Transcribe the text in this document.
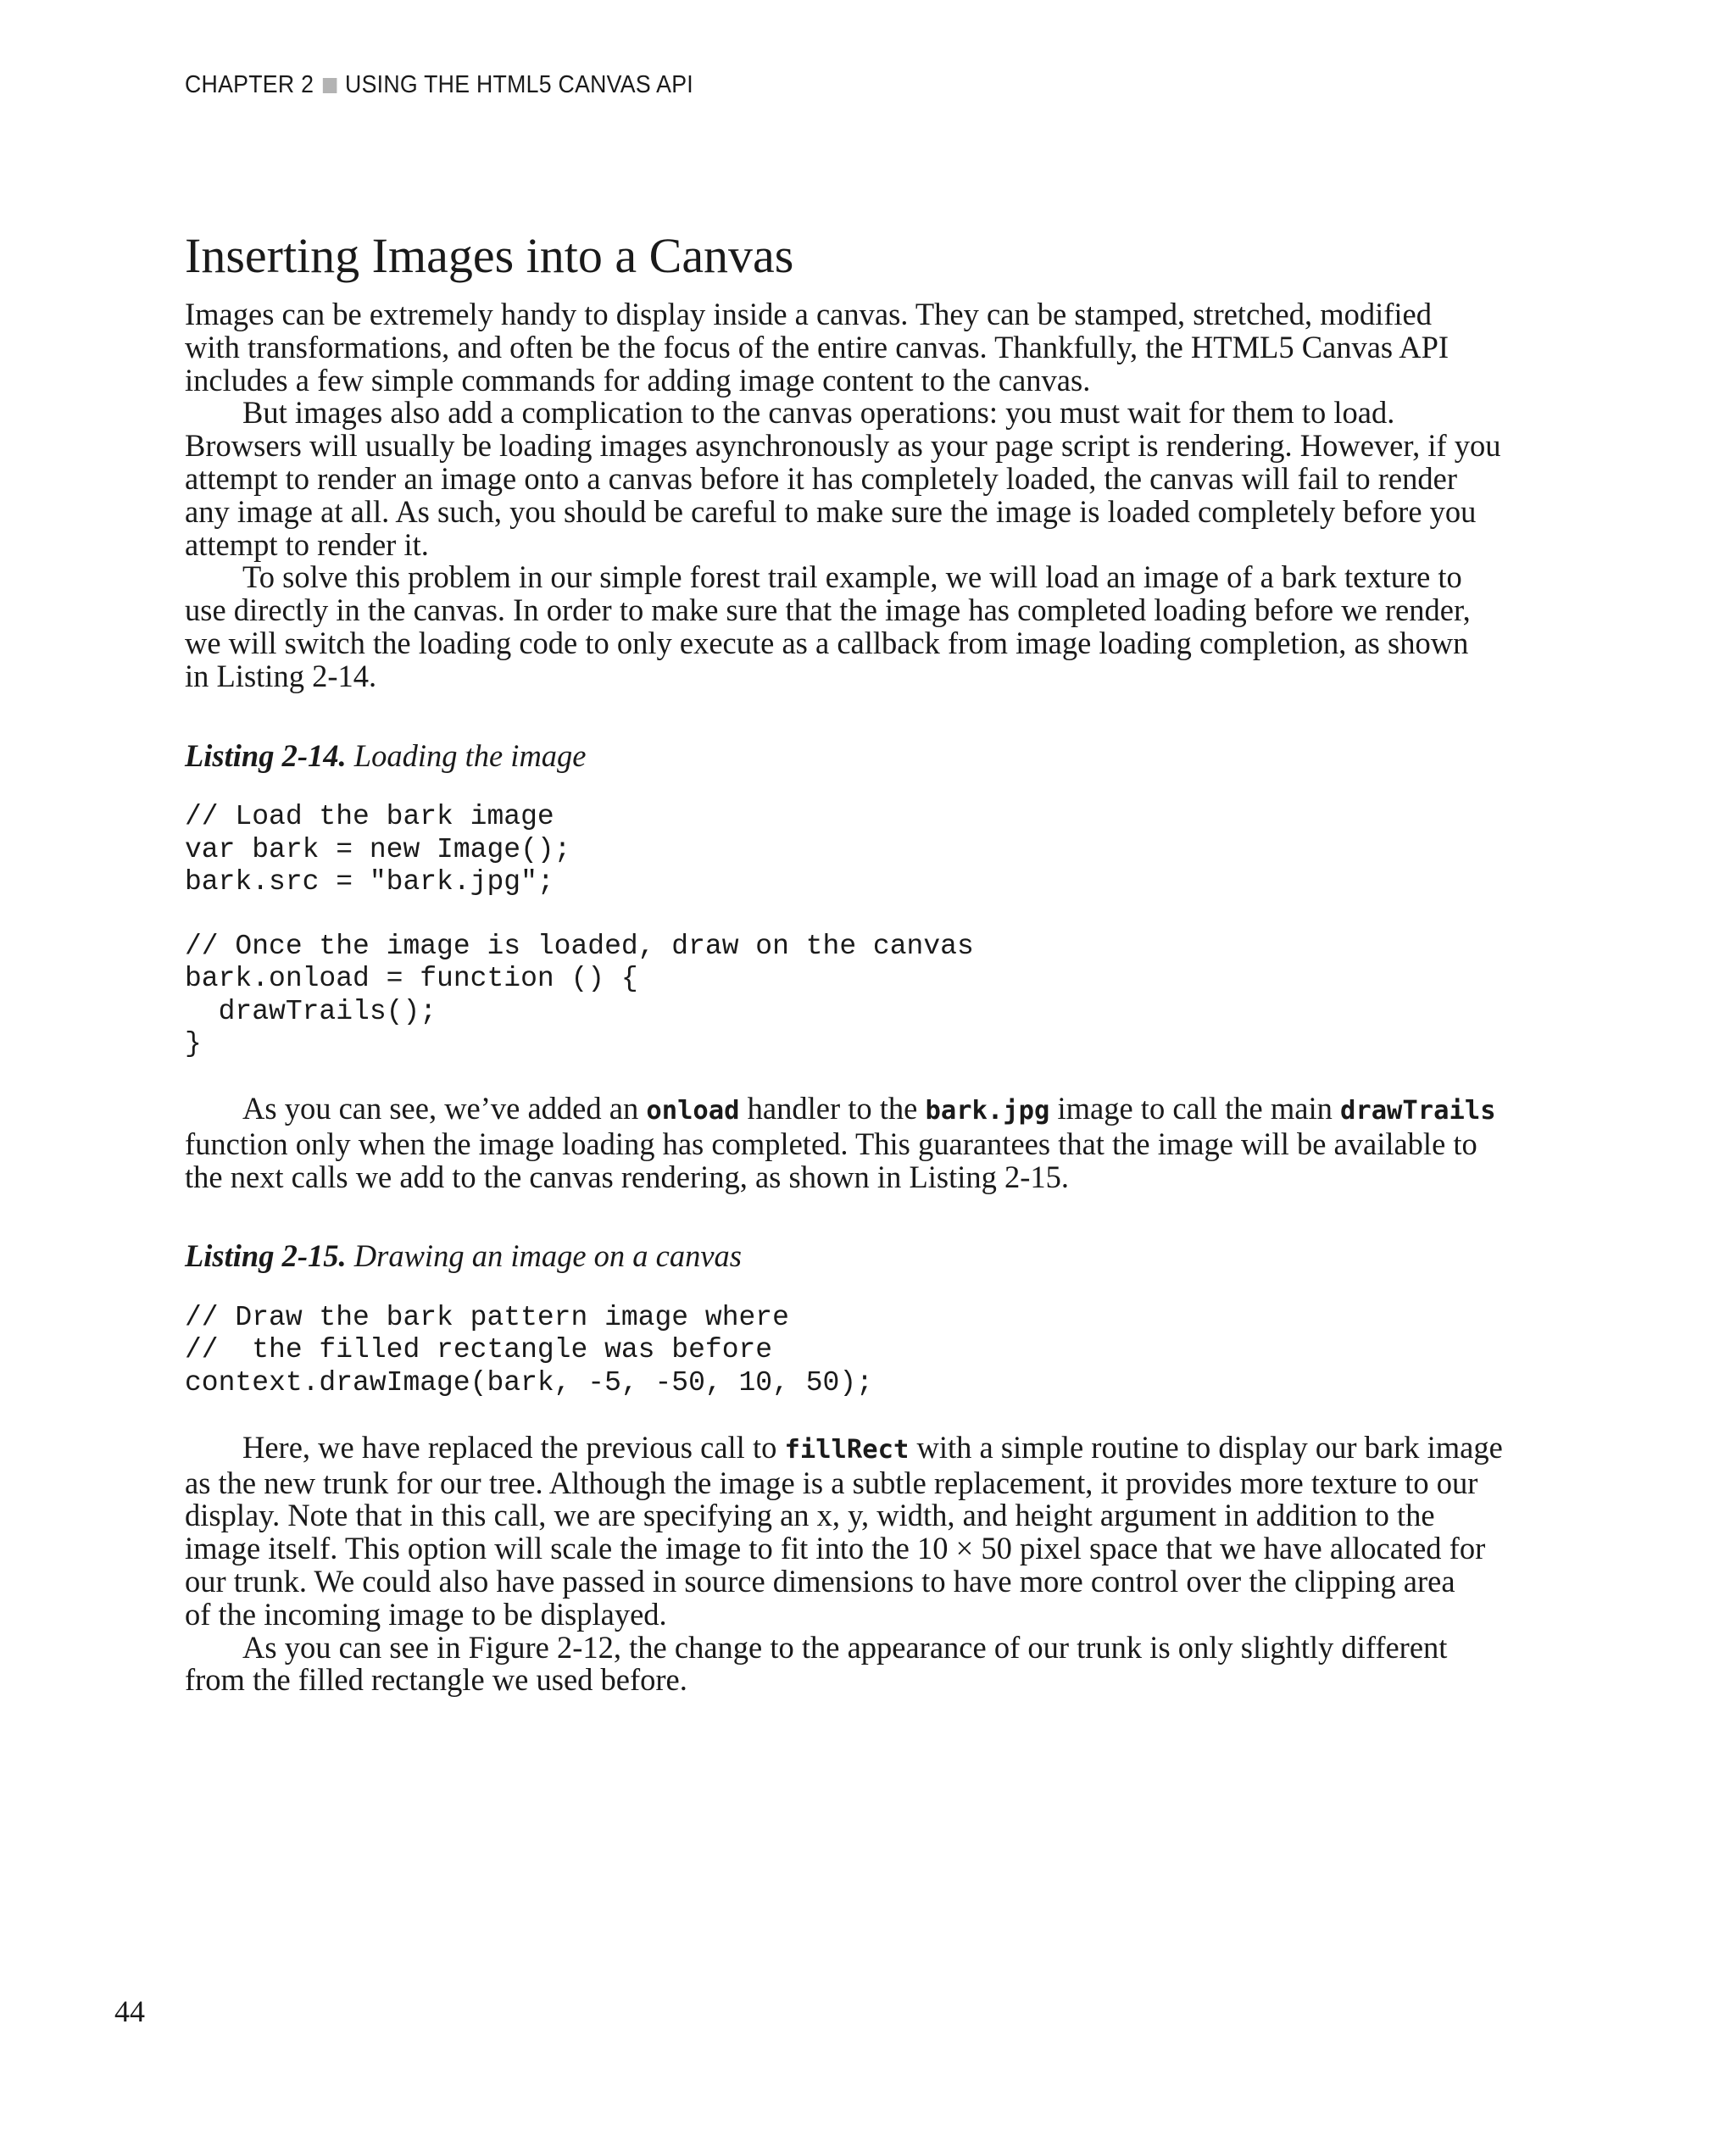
CHAPTER 2 USING THE HTML5 CANVAS API
Inserting Images into a Canvas

Images can be extremely handy to display inside a canvas. They can be stamped, stretched, modified

with transformations, and often be the focus of the entire canvas. Thankfully, the HTML5 Canvas API

includes a few simple commands for adding image content to the canvas.

But images also add a complication to the canvas operations: you must wait for them to load.

Browsers will usually be loading images asynchronously as your page script is rendering. However, if you

attempt to render an image onto a canvas before it has completely loaded, the canvas will fail to render

any image at all. As such, you should be careful to make sure the image is loaded completely before you

attempt to render it.

To solve this problem in our simple forest trail example, we will load an image of a bark texture to

use directly in the canvas. In order to make sure that the image has completed loading before we render,

we will switch the loading code to only execute as a callback from image loading completion, as shown

in Listing 2-14.

Listing 2-14. Loading the image
// Load the bark image
var bark = new Image();
bark.src = "bark.jpg";

// Once the image is loaded, draw on the canvas
bark.onload = function () {
drawTrails();
}

As you can see, we’ve added an onload handler to the bark.jpg image to call the main drawTrails

function only when the image loading has completed. This guarantees that the image will be available to

the next calls we add to the canvas rendering, as shown in Listing 2-15.

Listing 2-15. Drawing an image on a canvas
// Draw the bark pattern image where
//  the filled rectangle was before
context.drawImage(bark, -5, -50, 10, 50);

Here, we have replaced the previous call to fillRect with a simple routine to display our bark image

as the new trunk for our tree. Although the image is a subtle replacement, it provides more texture to our

display. Note that in this call, we are specifying an x, y, width, and height argument in addition to the

image itself. This option will scale the image to fit into the 10 × 50 pixel space that we have allocated for

our trunk. We could also have passed in source dimensions to have more control over the clipping area

of the incoming image to be displayed.

As you can see in Figure 2-12, the change to the appearance of our trunk is only slightly different

from the filled rectangle we used before.

44
